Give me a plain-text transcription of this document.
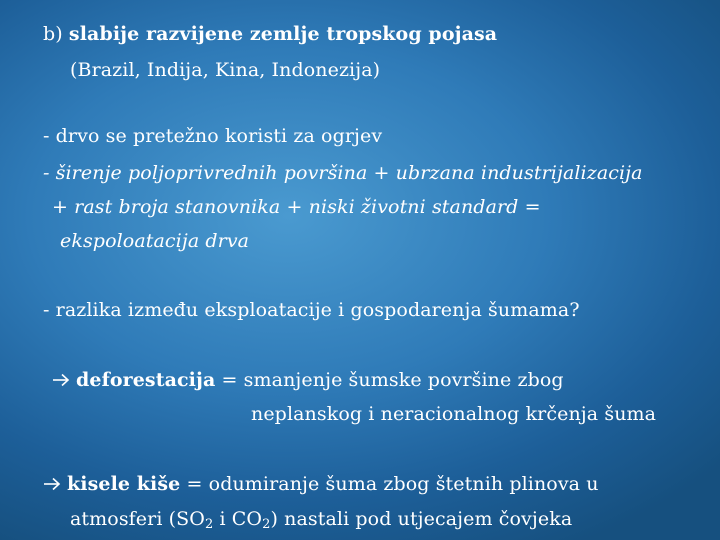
b) slabije razvijene zemlje tropskog pojasa
(Brazil, Indija, Kina, Indonezija)
- drvo se pretežno koristi za ogrjev
- širenje poljoprivrednih površina + ubrzana industrijalizacija
+ rast broja stanovnika + niski životni standard =
ekspoloatacija drva
- razlika između eksploatacije i gospodarenja šumama?
deforestacija = smanjenje šumske površine zbog
neplanskog i neracionalnog krčenja šuma
kisele kiše = odumiranje šuma zbog štetnih plinova u
atmosferi ($SO_2$ i $CO_2$) nastali pod utjecajem čovjeka
